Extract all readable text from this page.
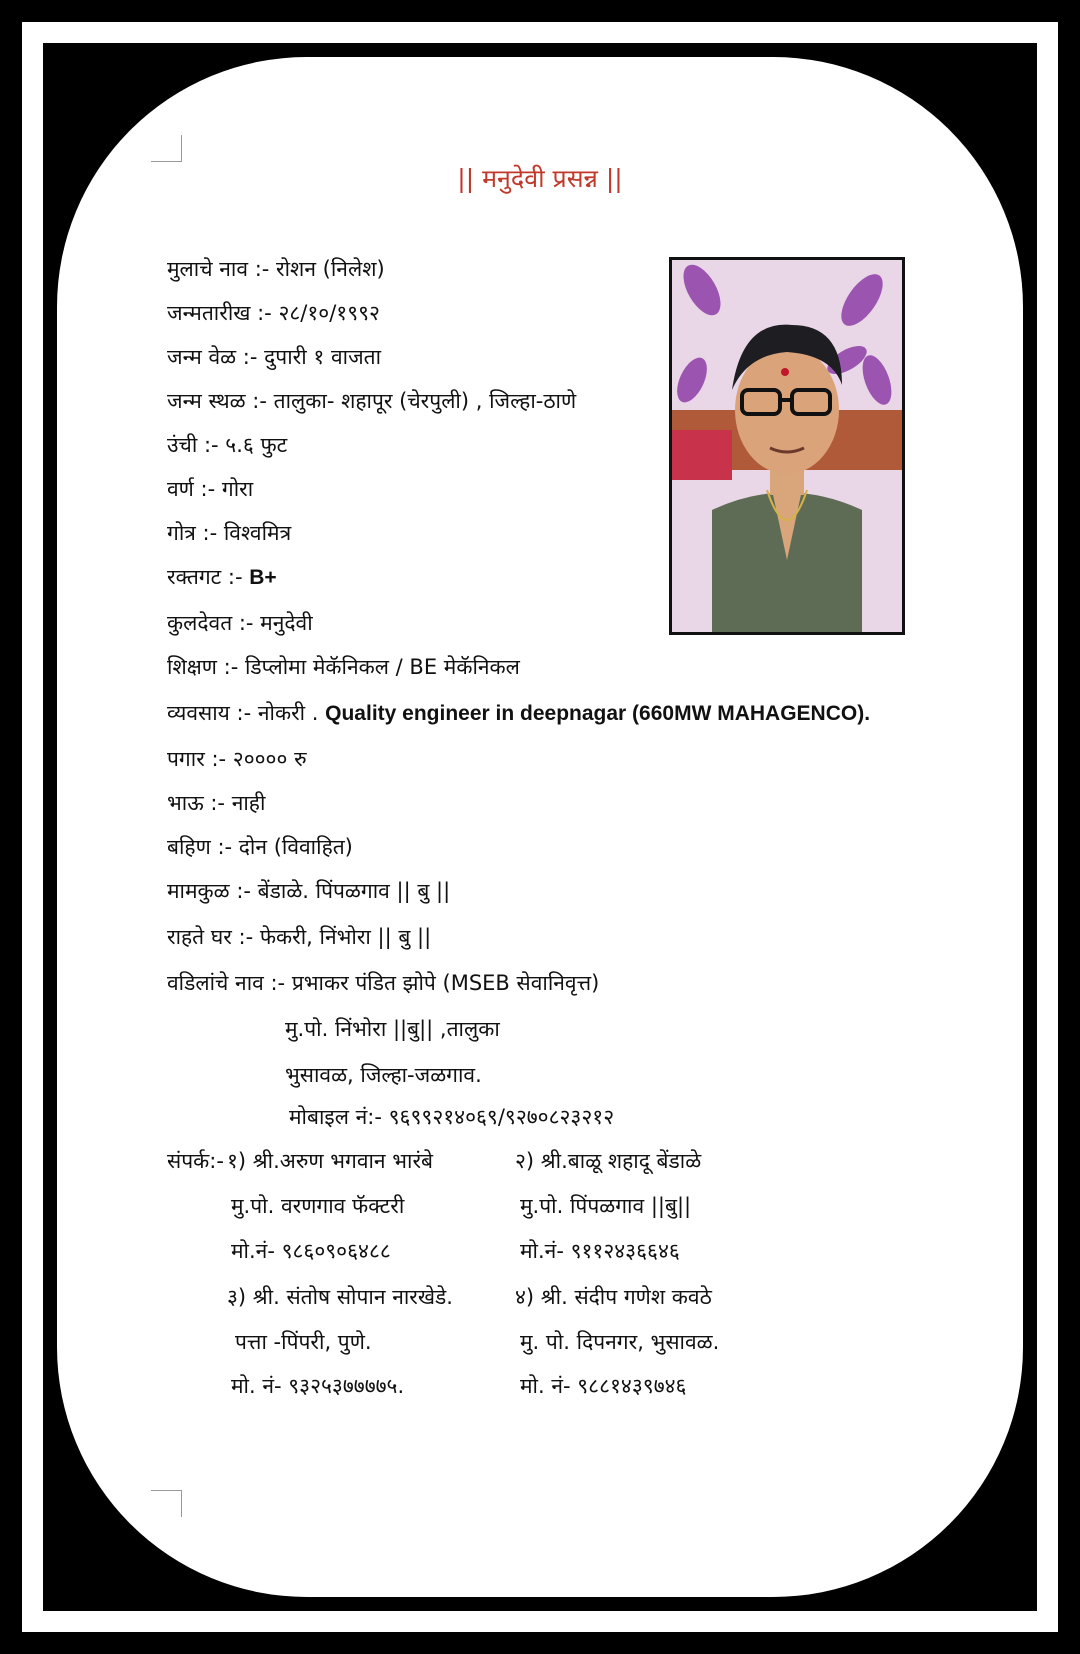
|| मनुदेवी प्रसन्न ||
मुलाचे नाव :- रोशन (निलेश)
जन्मतारीख :- २८/१०/१९९२
जन्म वेळ :- दुपारी १ वाजता
जन्म स्थळ :- तालुका- शहापूर (चेरपुली) , जिल्हा-ठाणे
उंची :- ५.६ फुट
वर्ण :- गोरा
गोत्र :- विश्वमित्र
रक्तगट :- B+
कुलदेवत :- मनुदेवी
शिक्षण :- डिप्लोमा मेकॅनिकल / BE मेकॅनिकल
व्यवसाय :- नोकरी . Quality engineer in deepnagar (660MW MAHAGENCO).
पगार :- २०००० रु
भाऊ :- नाही
बहिण :- दोन (विवाहित)
मामकुळ :- बेंडाळे. पिंपळगाव || बु ||
राहते घर :- फेकरी, निंभोरा || बु ||
वडिलांचे नाव :- प्रभाकर पंडित झोपे (MSEB सेवानिवृत्त)
मु.पो. निंभोरा ||बु|| ,तालुका
भुसावळ, जिल्हा-जळगाव.
मोबाइल नं:- ९६९९२१४०६९/९२७०८२३२१२
संपर्क:- १) श्री.अरुण भगवान भारंबे	२) श्री.बाळू शहादू बेंडाळे
मु.पो. वरणगाव फॅक्टरी	मु.पो. पिंपळगाव ||बु||
मो.नं- ९८६०९०६४८८	मो.नं- ९११२४३६६४६
३) श्री. संतोष सोपान नारखेडे.	४) श्री. संदीप गणेश कवठे
पत्ता -पिंपरी, पुणे.	मु. पो. दिपनगर, भुसावळ.
मो. नं- ९३२५३७७७७५.	मो. नं- ९८८१४३९७४६
